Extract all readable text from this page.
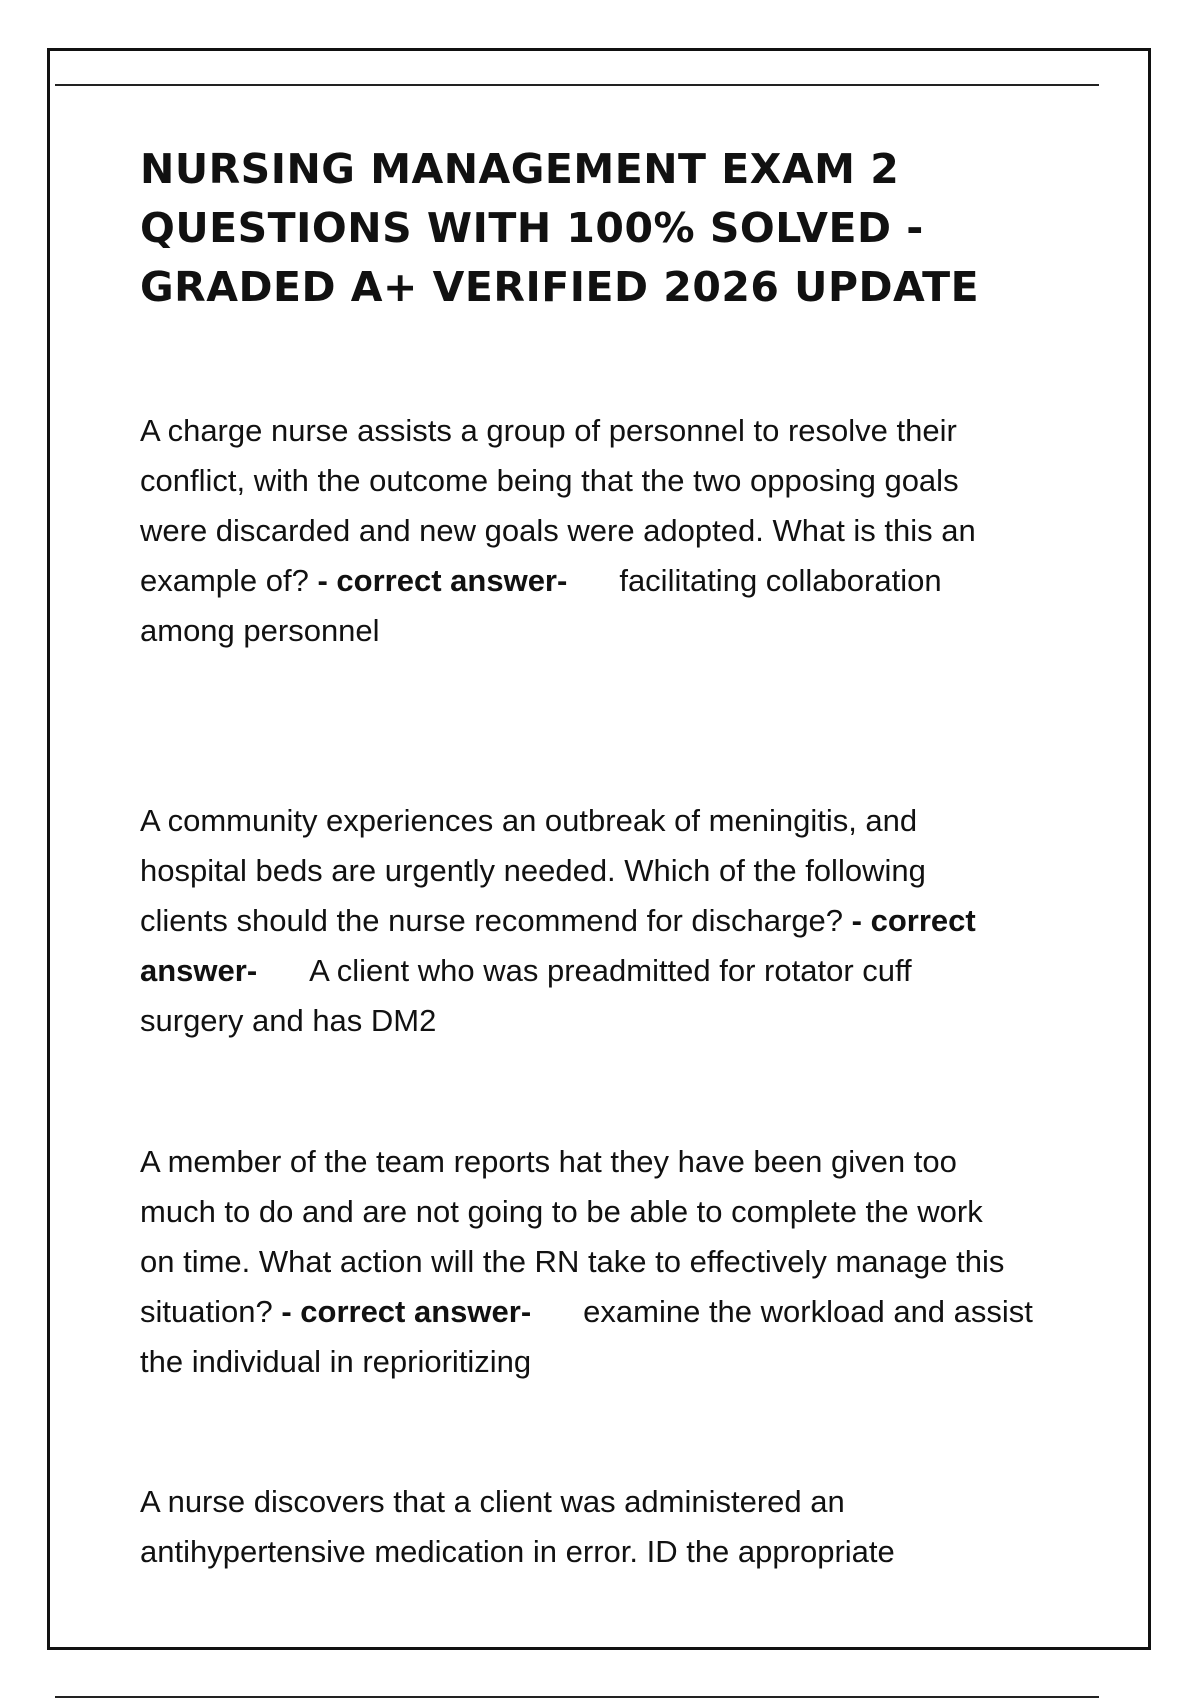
NURSING MANAGEMENT EXAM 2
QUESTIONS WITH 100% SOLVED -
GRADED A+ VERIFIED 2026 UPDATE

A charge nurse assists a group of personnel to resolve their
conflict, with the outcome being that the two opposing goals
were discarded and new goals were adopted. What is this an
example of? - correct answer- facilitating collaboration
among personnel

A community experiences an outbreak of meningitis, and
hospital beds are urgently needed. Which of the following
clients should the nurse recommend for discharge? - correct
answer- A client who was preadmitted for rotator cuff
surgery and has DM2

A member of the team reports hat they have been given too
much to do and are not going to be able to complete the work
on time. What action will the RN take to effectively manage this
situation? - correct answer- examine the workload and assist
the individual in reprioritizing

A nurse discovers that a client was administered an
antihypertensive medication in error. ID the appropriate
